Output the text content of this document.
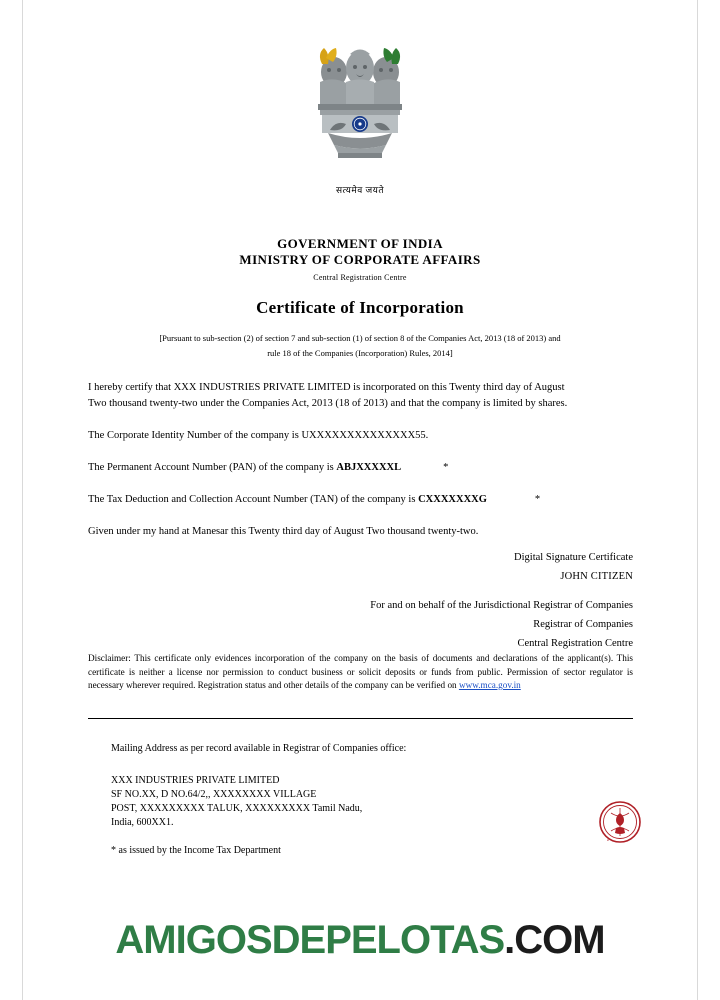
सत्यमेव जयते
GOVERNMENT OF INDIA
MINISTRY OF CORPORATE AFFAIRS
Central Registration Centre
Certificate of Incorporation
[Pursuant to sub-section (2) of section 7 and sub-section (1) of section 8 of the Companies Act, 2013 (18 of 2013) and
rule 18 of the Companies (Incorporation) Rules, 2014]

I hereby certify that XXX INDUSTRIES PRIVATE LIMITED is incorporated on this Twenty third day of August
Two thousand twenty-two under the Companies Act, 2013 (18 of 2013) and that the company is limited by shares.

The Corporate Identity Number of the company is UXXXXXXXXXXXXXX55.

The Permanent Account Number (PAN) of the company is ABJXXXXXL	*

The Tax Deduction and Collection Account Number (TAN) of the company is CXXXXXXXG	*

Given under my hand at Manesar this Twenty third day of August Two thousand twenty-two.

Digital Signature Certificate
JOHN CITIZEN
For and on behalf of the Jurisdictional Registrar of Companies
Registrar of Companies
Central Registration Centre
Disclaimer: This certificate only evidences incorporation of the company on the basis of documents and declarations of the applicant(s). This certificate is neither a license nor permission to conduct business or solicit deposits or funds from public. Permission of sector regulator is necessary wherever required. Registration status and other details of the company can be verified on www.mca.gov.in
Mailing Address as per record available in Registrar of Companies office:
XXX INDUSTRIES PRIVATE LIMITED
SF NO.XX, D NO.64/2,, XXXXXXXX VILLAGE
POST, XXXXXXXXX TALUK, XXXXXXXXX Tamil Nadu,
India, 600XX1.
* as issued by the Income Tax Department
●
AMIGOSDEPELOTAS.COM
